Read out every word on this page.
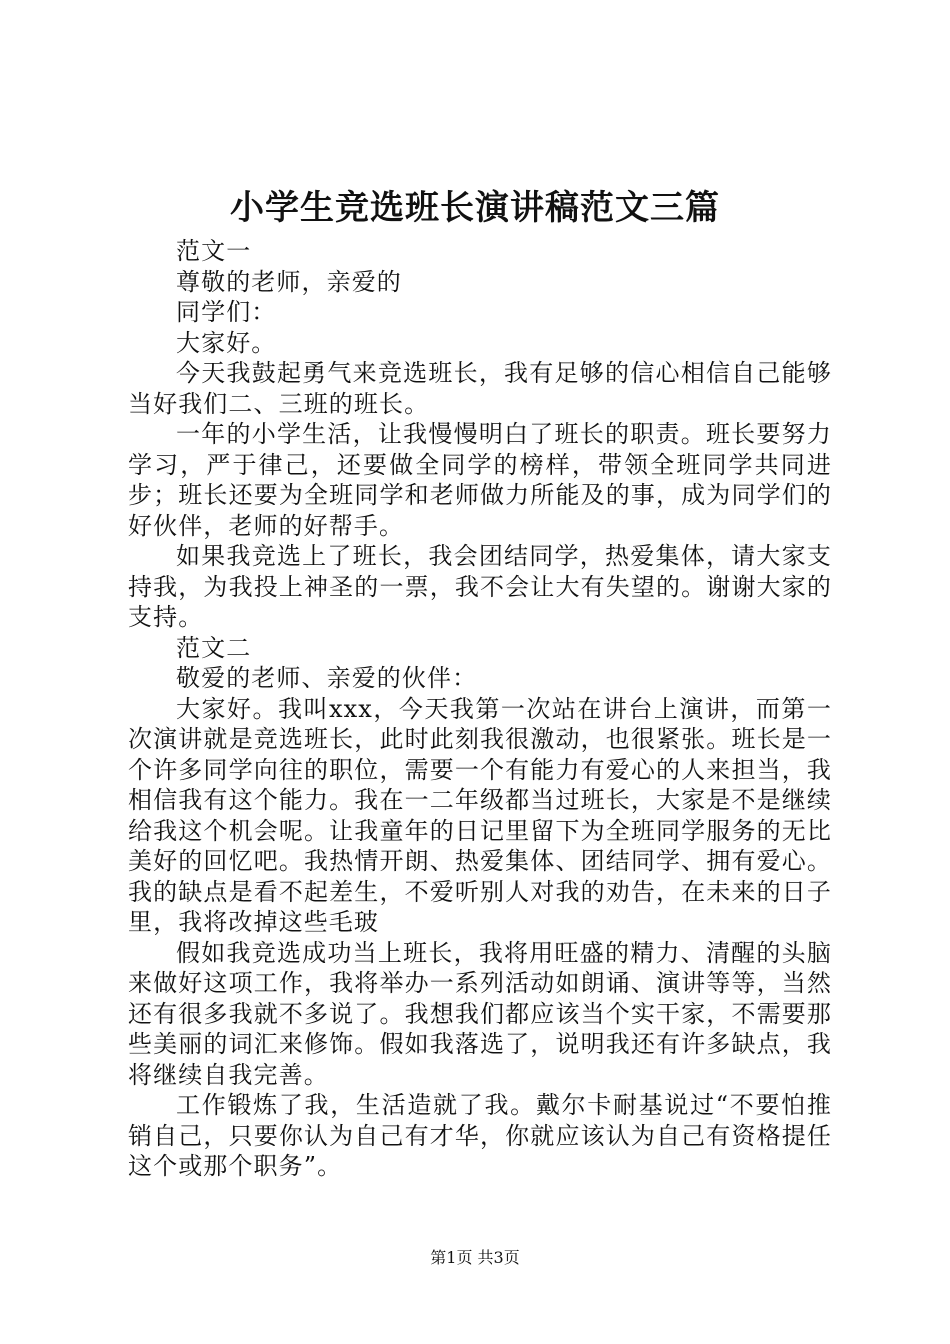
小学生竞选班长演讲稿范文三篇

范文一

尊敬的老师，亲爱的

同学们：

大家好。

今天我鼓起勇气来竞选班长，我有足够的信心相信自己能够当好我们二、三班的班长。

一年的小学生活，让我慢慢明白了班长的职责。班长要努力学习，严于律己，还要做全同学的榜样，带领全班同学共同进步；班长还要为全班同学和老师做力所能及的事，成为同学们的好伙伴，老师的好帮手。

如果我竞选上了班长，我会团结同学，热爱集体，请大家支持我，为我投上神圣的一票，我不会让大有失望的。谢谢大家的支持。

范文二

敬爱的老师、亲爱的伙伴：

大家好。我叫xxx，今天我第一次站在讲台上演讲，而第一次演讲就是竞选班长，此时此刻我很激动，也很紧张。班长是一个许多同学向往的职位，需要一个有能力有爱心的人来担当，我相信我有这个能力。我在一二年级都当过班长，大家是不是继续给我这个机会呢。让我童年的日记里留下为全班同学服务的无比美好的回忆吧。我热情开朗、热爱集体、团结同学、拥有爱心。我的缺点是看不起差生，不爱听别人对我的劝告，在未来的日子里，我将改掉这些毛玻

假如我竞选成功当上班长，我将用旺盛的精力、清醒的头脑来做好这项工作，我将举办一系列活动如朗诵、演讲等等，当然还有很多我就不多说了。我想我们都应该当个实干家，不需要那些美丽的词汇来修饰。假如我落选了，说明我还有许多缺点，我将继续自我完善。

工作锻炼了我，生活造就了我。戴尔卡耐基说过“不要怕推销自己，只要你认为自己有才华，你就应该认为自己有资格提任这个或那个职务”。

第1页 共3页
